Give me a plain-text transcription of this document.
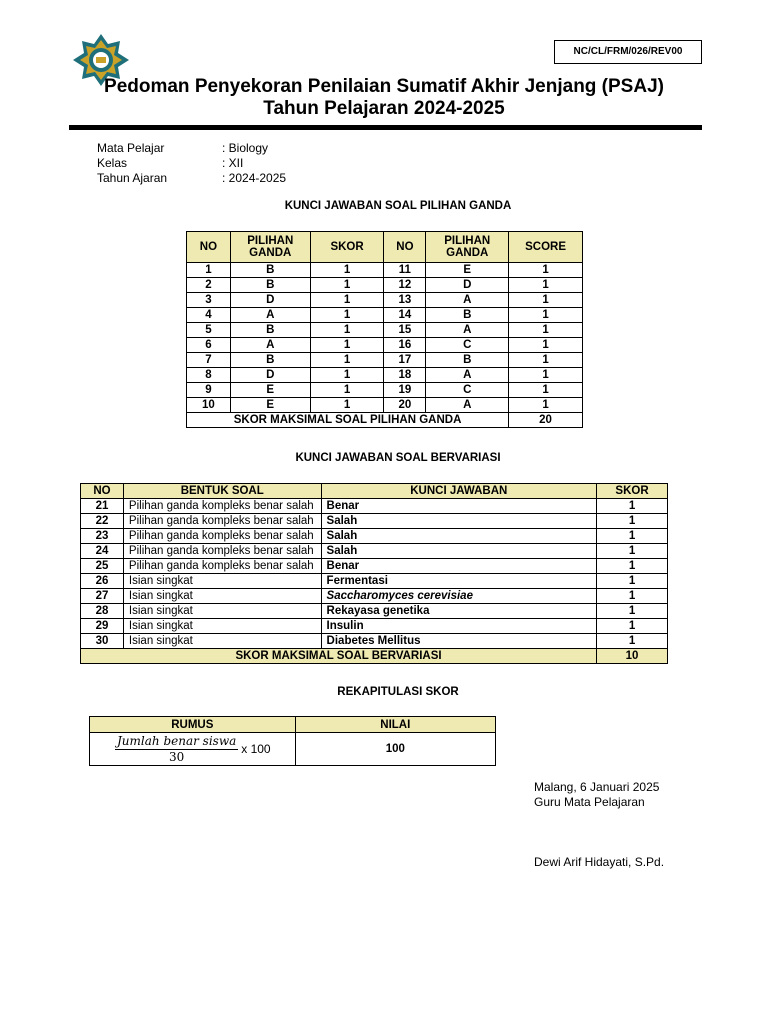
NC/CL/FRM/026/REV00
Pedoman Penyekoran Penilaian Sumatif Akhir Jenjang (PSAJ)
Tahun Pelajaran 2024-2025
Mata Pelajar	: Biology
Kelas	: XII
Tahun Ajaran	: 2024-2025
KUNCI JAWABAN SOAL PILIHAN GANDA
NO	PILIHAN GANDA	SKOR	NO	PILIHAN GANDA	SCORE
1	B	1	11	E	1
2	B	1	12	D	1
3	D	1	13	A	1
4	A	1	14	B	1
5	B	1	15	A	1
6	A	1	16	C	1
7	B	1	17	B	1
8	D	1	18	A	1
9	E	1	19	C	1
10	E	1	20	A	1
SKOR MAKSIMAL SOAL PILIHAN GANDA					20
KUNCI JAWABAN SOAL BERVARIASI
NO	BENTUK SOAL	KUNCI JAWABAN	SKOR
21	Pilihan ganda kompleks benar salah	Benar	1
22	Pilihan ganda kompleks benar salah	Salah	1
23	Pilihan ganda kompleks benar salah	Salah	1
24	Pilihan ganda kompleks benar salah	Salah	1
25	Pilihan ganda kompleks benar salah	Benar	1
26	Isian singkat	Fermentasi	1
27	Isian singkat	Saccharomyces cerevisiae	1
28	Isian singkat	Rekayasa genetika	1
29	Isian singkat	Insulin	1
30	Isian singkat	Diabetes Mellitus	1
SKOR MAKSIMAL SOAL BERVARIASI			10
REKAPITULASI SKOR
RUMUS	NILAI

Jumlah benar siswa
30
x 100	100
Malang, 6 Januari 2025
Guru Mata Pelajaran
Dewi Arif Hidayati, S.Pd.
